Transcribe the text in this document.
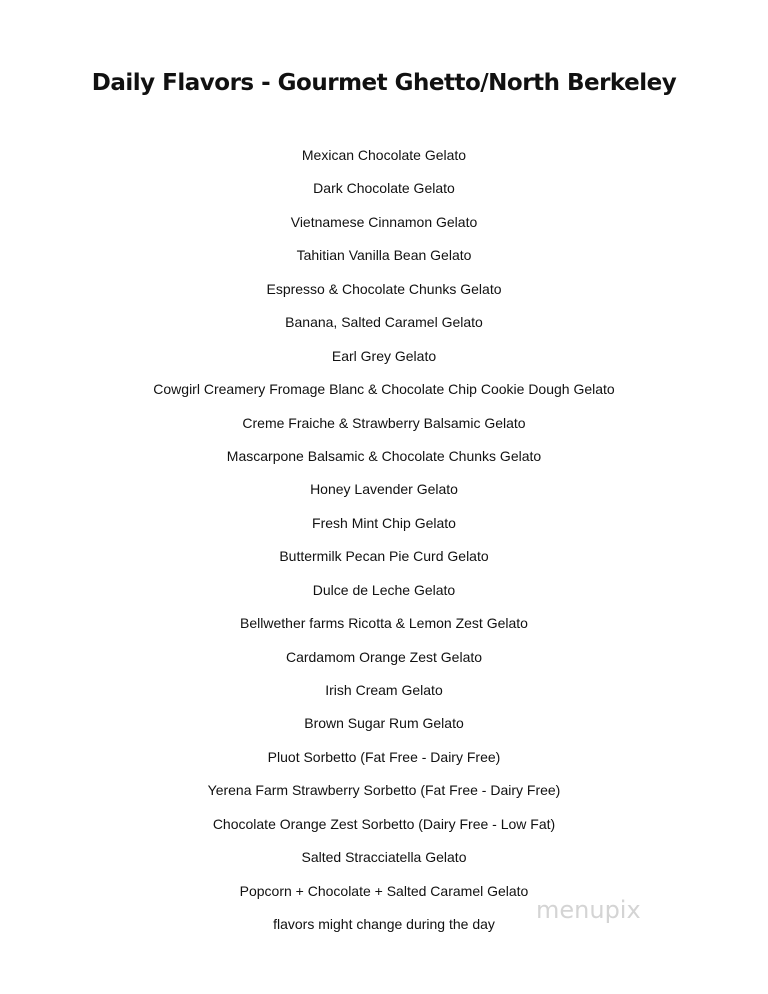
Daily Flavors - Gourmet Ghetto/North Berkeley
Mexican Chocolate Gelato
Dark Chocolate Gelato
Vietnamese Cinnamon Gelato
Tahitian Vanilla Bean Gelato
Espresso & Chocolate Chunks Gelato
Banana, Salted Caramel Gelato
Earl Grey Gelato
Cowgirl Creamery Fromage Blanc & Chocolate Chip Cookie Dough Gelato
Creme Fraiche & Strawberry Balsamic Gelato
Mascarpone Balsamic & Chocolate Chunks Gelato
Honey Lavender Gelato
Fresh Mint Chip Gelato
Buttermilk Pecan Pie Curd Gelato
Dulce de Leche Gelato
Bellwether farms Ricotta & Lemon Zest Gelato
Cardamom Orange Zest Gelato
Irish Cream Gelato
Brown Sugar Rum Gelato
Pluot Sorbetto (Fat Free - Dairy Free)
Yerena Farm Strawberry Sorbetto (Fat Free - Dairy Free)
Chocolate Orange Zest Sorbetto (Dairy Free - Low Fat)
Salted Stracciatella Gelato
Popcorn + Chocolate + Salted Caramel Gelato
flavors might change during the day	menupix
